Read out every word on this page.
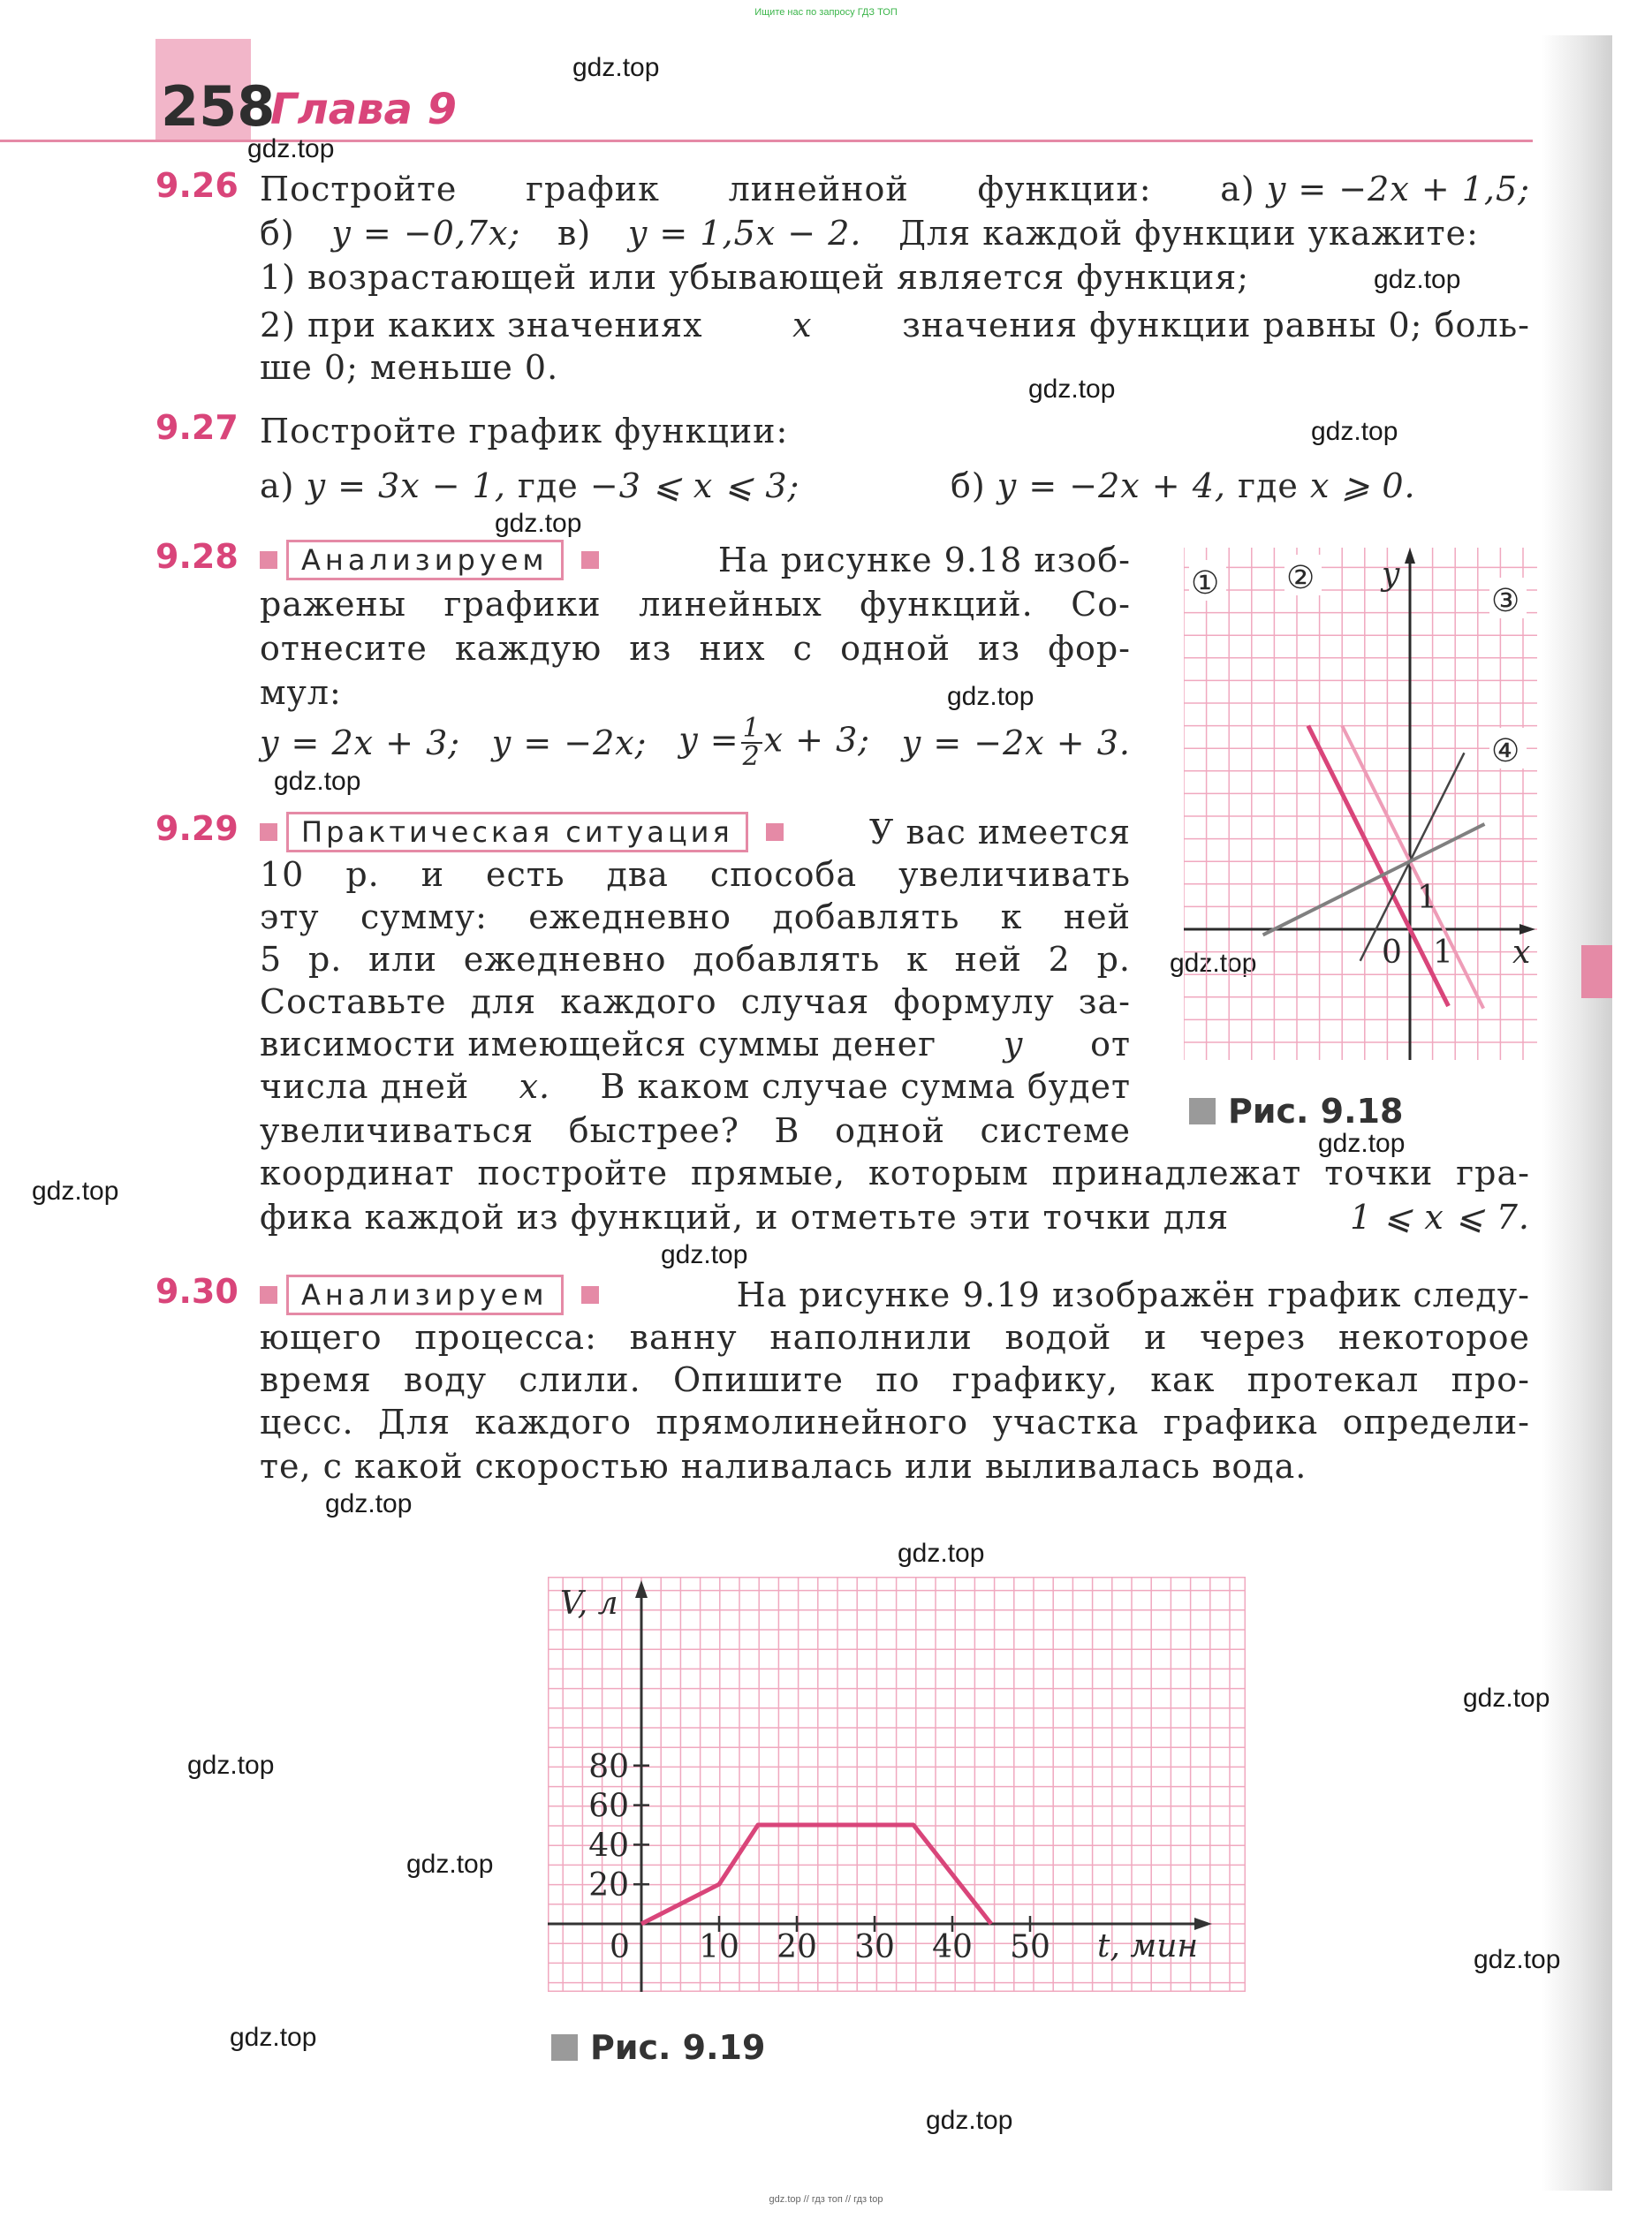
Ищите нас по запросу ГДЗ ТОП
258
Глава 9
gdz.top
gdz.top
gdz.top
gdz.top
gdz.top
gdz.top
gdz.top
gdz.top
gdz.top
gdz.top
gdz.top
gdz.top
gdz.top
gdz.top
gdz.top
gdz.top
gdz.top
gdz.top
gdz.top
gdz.top
9.26 Постройте график линейной функции: а) y = −2x + 1,5;
б) y = −0,7x; в) y = 1,5x − 2. Для каждой функции укажите:
1) возрастающей или убывающей является функция;
2) при каких значениях	x	значения функции равны 0; боль-
ше 0; меньше 0.
9.27 Постройте график функции:
а) y = 3x − 1, где −3 ⩽ x ⩽ 3;	б) y = −2x + 4, где x ⩾ 0.
9.28	Анализируем	На рисунке 9.18 изоб-
ражены графики линейных функций. Со-
отнесите каждую из них с одной из фор-
мул:
y = 2x + 3; y = −2x; $y = \frac{1}{2}$ x + 3; y = −2x + 3.
① ②
③
④
y
x
0 1
1
Рис. 9.18
9.29	Практическая ситуация	У вас имеется
10 р. и есть два способа увеличивать
эту сумму: ежедневно добавлять к ней
5 р. или ежедневно добавлять к ней 2 р.
Составьте для каждого случая формулу за-
висимости имеющейся суммы денег y от
числа дней x. В каком случае сумма будет
увеличиваться быстрее? В одной системе
координат постройте прямые, которым принадлежат точки гра-
фика каждой из функций, и отметьте эти точки для	1 ⩽ x ⩽ 7.
9.30	Анализируем	На рисунке 9.19 изображён график следу-
ющего процесса: ванну наполнили водой и через некоторое
время воду слили. Опишите по графику, как протекал про-
цесс. Для каждого прямолинейного участка графика определи-
те, с какой скоростью наливалась или выливалась вода.
V, л
t, мин
0 10 20 30 40 50
20
40
60
80
Рис. 9.19
gdz.top // гдз топ // гдз top
